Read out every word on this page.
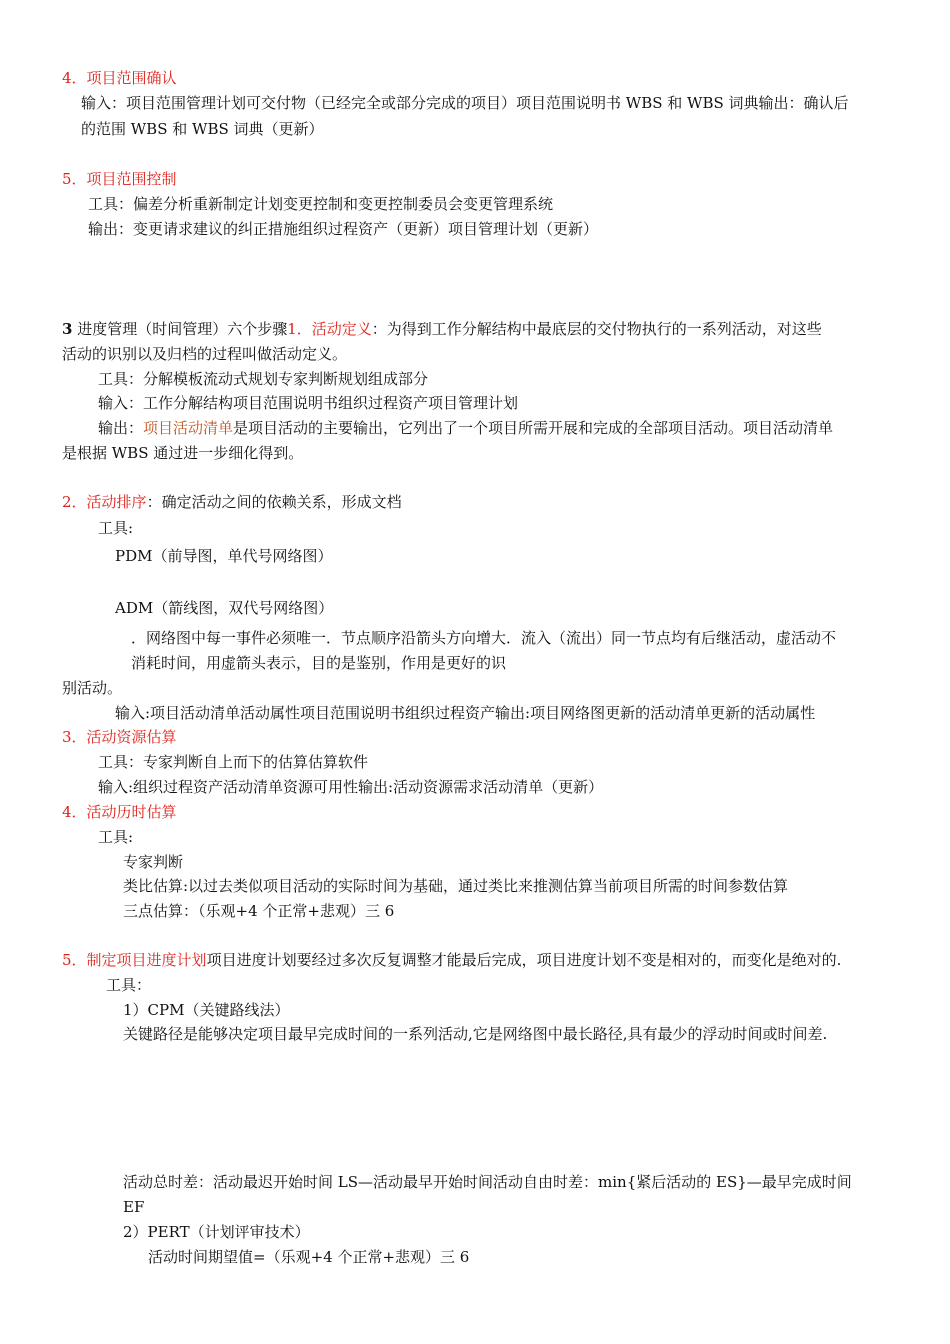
4．项目范围确认
输入：项目范围管理计划可交付物（已经完全或部分完成的项目）项目范围说明书 WBS 和 WBS 词典输出：确认后
的范围 WBS 和 WBS 词典（更新）
5．项目范围控制
工具：偏差分析重新制定计划变更控制和变更控制委员会变更管理系统
输出：变更请求建议的纠正措施组织过程资产（更新）项目管理计划（更新）
3 进度管理（时间管理）六个步骤1．活动定义：为得到工作分解结构中最底层的交付物执行的一系列活动，对这些
活动的识别以及归档的过程叫做活动定义。
工具：分解模板流动式规划专家判断规划组成部分
输入：工作分解结构项目范围说明书组织过程资产项目管理计划
输出：项目活动清单是项目活动的主要输出，它列出了一个项目所需开展和完成的全部项目活动。项目活动清单
是根据 WBS 通过进一步细化得到。
2．活动排序：确定活动之间的依赖关系，形成文档
工具:
PDM（前导图，单代号网络图）
ADM（箭线图，双代号网络图）
．网络图中每一事件必须唯一．节点顺序沿箭头方向增大．流入（流出）同一节点均有后继活动，虚活动不
消耗时间，用虚箭头表示，目的是鉴别，作用是更好的识
别活动。
输入:项目活动清单活动属性项目范围说明书组织过程资产输出:项目网络图更新的活动清单更新的活动属性
3．活动资源估算
工具：专家判断自上而下的估算估算软件
输入:组织过程资产活动清单资源可用性输出:活动资源需求活动清单（更新）
4．活动历时估算
工具:
专家判断
类比估算:以过去类似项目活动的实际时间为基础，通过类比来推测估算当前项目所需的时间参数估算
三点估算：（乐观+4 个正常+悲观）三 6
5．制定项目进度计划项目进度计划要经过多次反复调整才能最后完成，项目进度计划不变是相对的，而变化是绝对的.
工具：
1）CPM（关键路线法）
关键路径是能够决定项目最早完成时间的一系列活动,它是网络图中最长路径,具有最少的浮动时间或时间差.
活动总时差：活动最迟开始时间 LS—活动最早开始时间活动自由时差：min{紧后活动的 ES}—最早完成时间
EF
2）PERT（计划评审技术）
活动时间期望值=（乐观+4 个正常+悲观）三 6
